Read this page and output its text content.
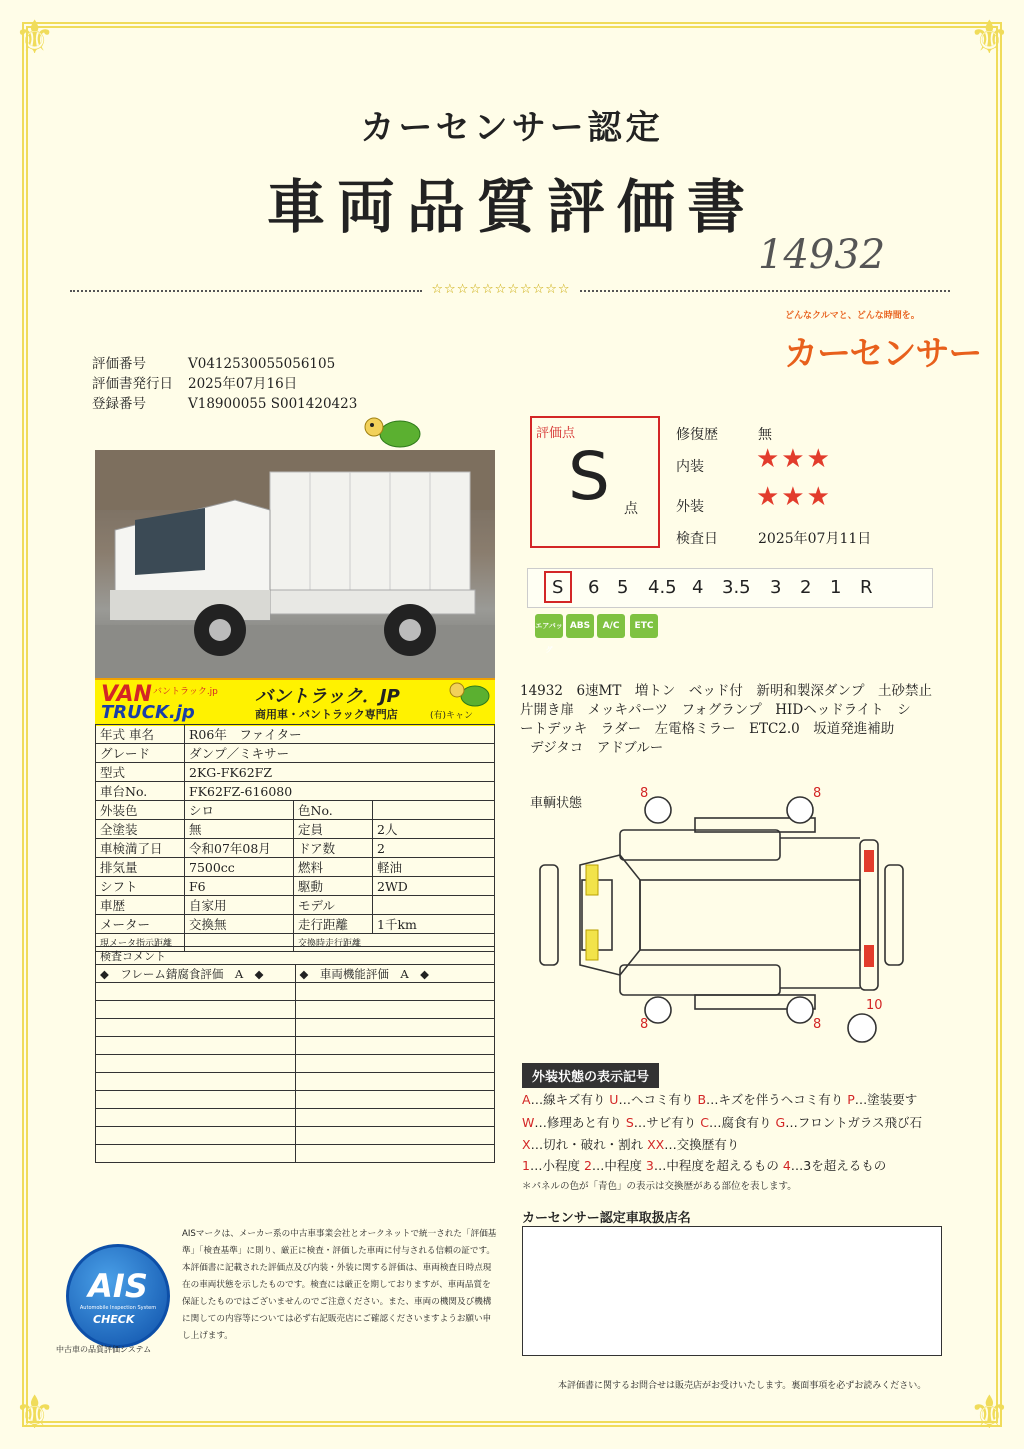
⚜	⚜
⚜	⚜
カーセンサー認定
車両品質評価書
14932
☆☆☆☆☆☆☆☆☆☆☆
どんなクルマと、どんな時間を。
カーセンサー
評価番号	V0412530055056105
評価書発行日 2025年07月16日
登録番号	V18900055 S001420423
VAN バントラック.jp
TRUCK.jp
バントラック．JP
商用車・バントラック専門店	(有)キャン
年式 車名	R06年　 ファイター		
グレード	ダンプ／ミキサー		
型式	2KG-FK62FZ		
車台No.	FK62FZ-616080		
外装色	シロ	色No.	
全塗装	無	定員	2人
車検満了日	令和07年08月	ドア数	2
排気量	7500cc	燃料	軽油
シフト	F6	駆動	2WD
車歴	自家用	モデル	
メーター	交換無	走行距離	1千km
現メータ指示距離		交換時走行距離	
検査コメント	
◆　フレーム錆腐食評価　A　◆	◆　車両機能評価　A　◆

評価点
S 点
修復歴	無
内装 ★★★
外装 ★★★
検査日	2025年07月11日
S 6 5 4.5 4 3.5 3 2 1 R
エアバッグ
ABS	A/C	ETC
14932　6速MT　増トン　ベッド付　新明和製深ダンプ　土砂禁止
片開き扉　メッキパーツ　フォグランプ　HIDヘッドライト　シ
ートデッキ　ラダー　左電格ミラー　ETC2.0　坂道発進補助
デジタコ　アドブルー
車輌状態
8	8
8	8
10
外装状態の表示記号
A…線キズ有り U…ヘコミ有り B…キズを伴うヘコミ有り P…塗装要す
W…修理あと有り S…サビ有り C…腐食有り G…フロントガラス飛び石
X…切れ・破れ・割れ XX…交換歴有り
1…小程度 2…中程度 3…中程度を超えるもの 4…3を超えるもの
＊パネルの色が「青色」の表示は交換歴がある部位を表します。
カーセンサー認定車取扱店名
AIS
Automobile Inspection System
CHECK
中古車の品質評価システム
AISマークは、メーカー系の中古車事業会社とオークネットで統一された「評価基準」「検査基準」に則り、厳正に検査・評価した車両に付与される信頼の証です。　本評価書に記載された評価点及び内装・外装に関する評価は、車両検査日時点現在の車両状態を示したものです。検査には厳正を期しておりますが、車両品質を保証したものではございませんのでご注意ください。また、車両の機関及び機構に関しての内容等については必ず右記販売店にご確認くださいますようお願い申し上げます。
本評価書に関するお問合せは販売店がお受けいたします。裏面事項を必ずお読みください。
